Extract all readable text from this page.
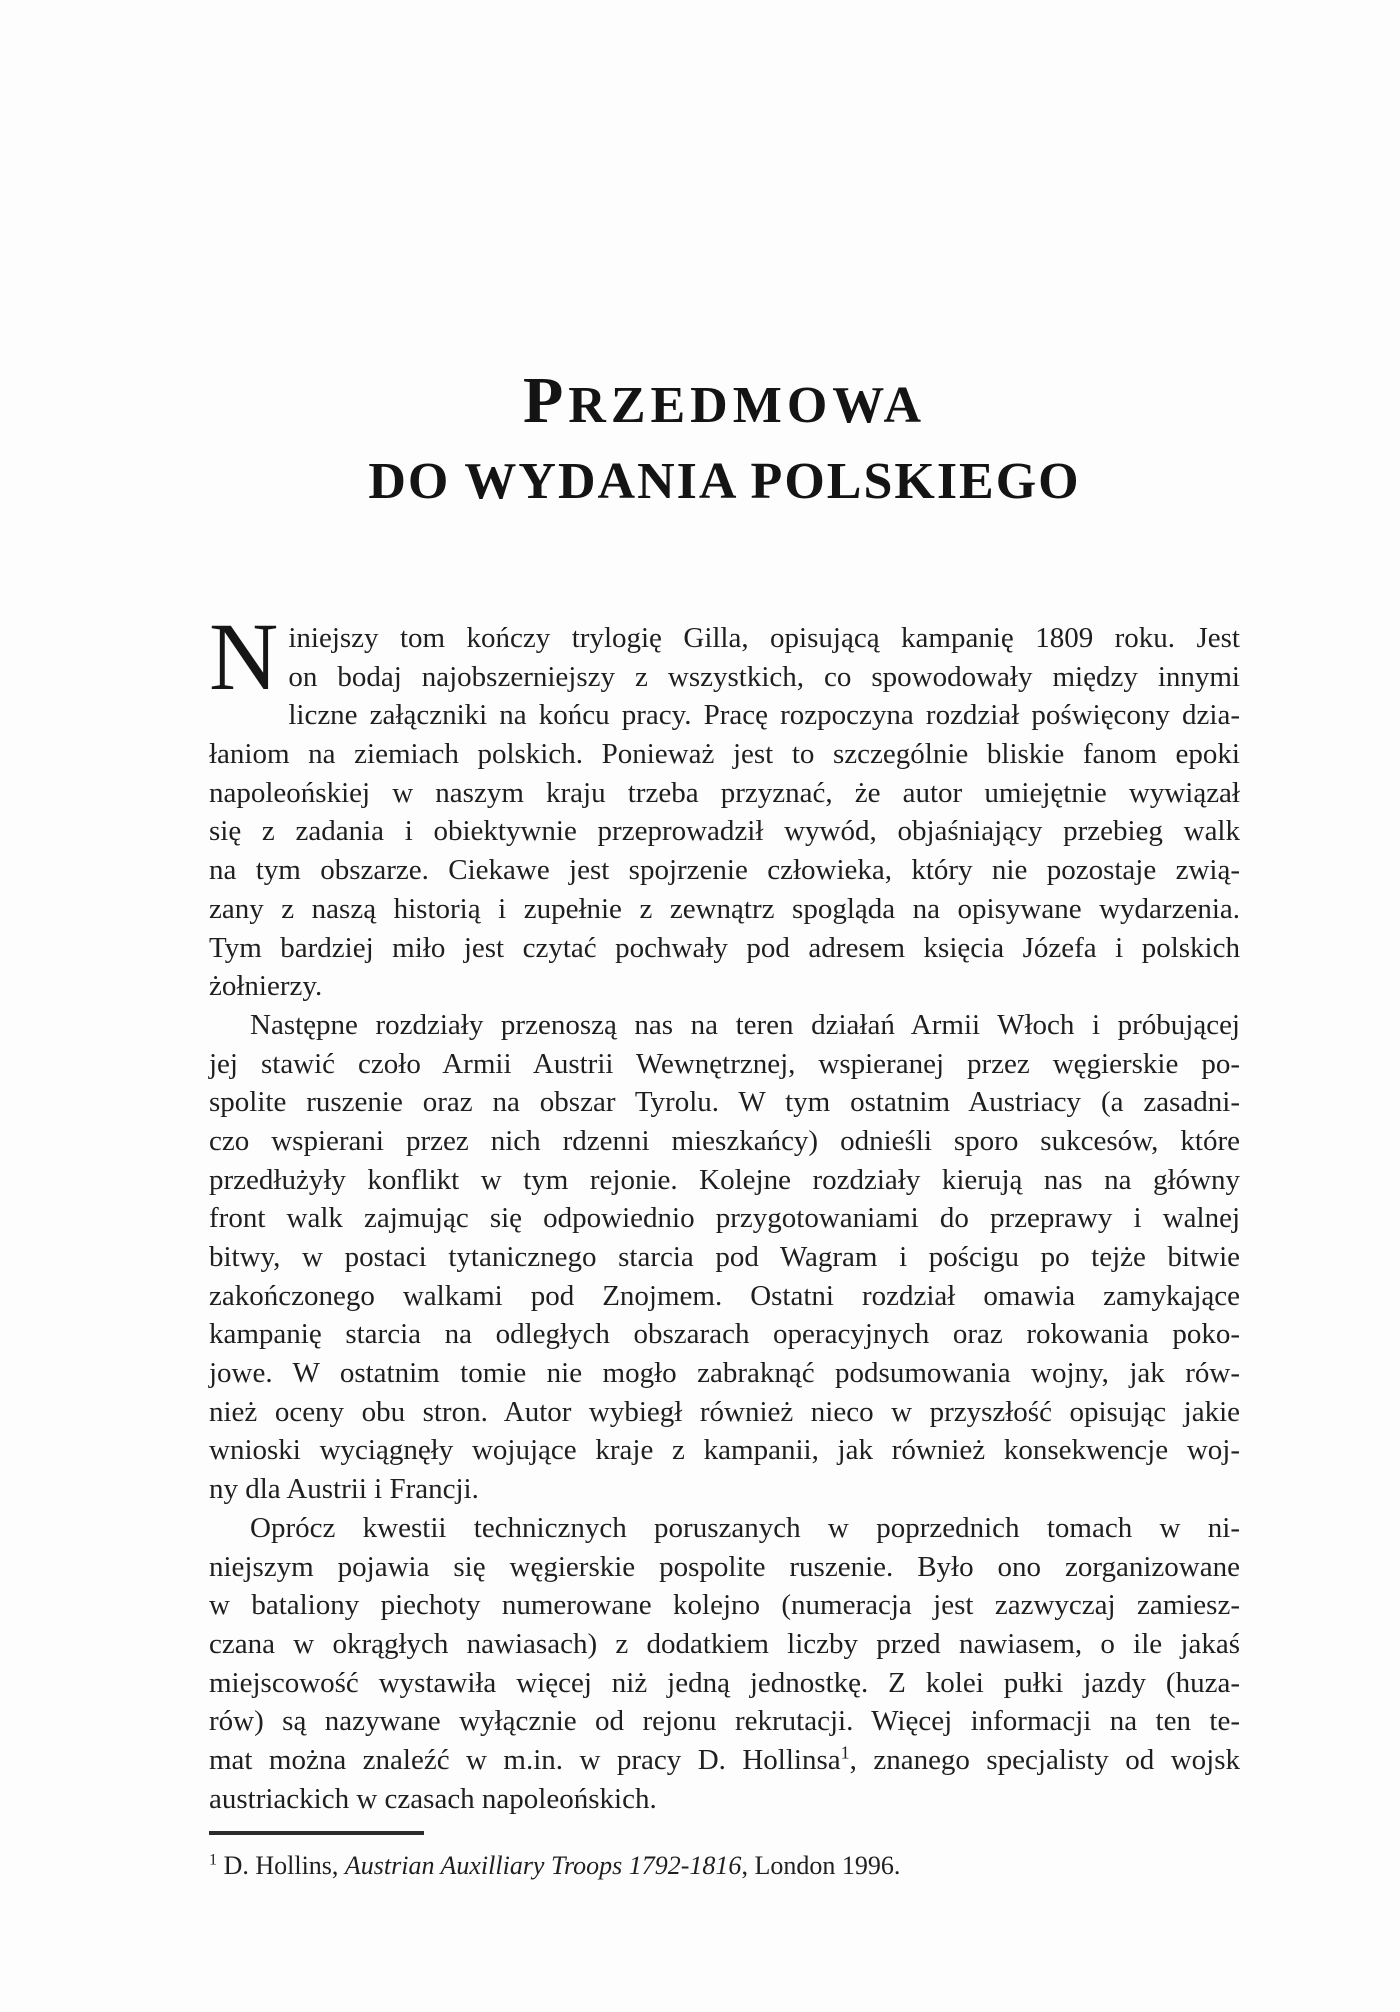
PRZEDMOWA
DO WYDANIA POLSKIEGO
N iniejszy tom kończy trylogię Gilla, opisującą kampanię 1809 roku. Jest
on bodaj najobszerniejszy z wszystkich, co spowodowały między innymi
liczne załączniki na końcu pracy. Pracę rozpoczyna rozdział poświęcony dzia-
łaniom na ziemiach polskich. Ponieważ jest to szczególnie bliskie fanom epoki
napoleońskiej w naszym kraju trzeba przyznać, że autor umiejętnie wywiązał
się z zadania i obiektywnie przeprowadził wywód, objaśniający przebieg walk
na tym obszarze. Ciekawe jest spojrzenie człowieka, który nie pozostaje zwią-
zany z naszą historią i zupełnie z zewnątrz spogląda na opisywane wydarzenia.
Tym bardziej miło jest czytać pochwały pod adresem księcia Józefa i polskich
żołnierzy.
Następne rozdziały przenoszą nas na teren działań Armii Włoch i próbującej
jej stawić czoło Armii Austrii Wewnętrznej, wspieranej przez węgierskie po-
spolite ruszenie oraz na obszar Tyrolu. W tym ostatnim Austriacy (a zasadni-
czo wspierani przez nich rdzenni mieszkańcy) odnieśli sporo sukcesów, które
przedłużyły konflikt w tym rejonie. Kolejne rozdziały kierują nas na główny
front walk zajmując się odpowiednio przygotowaniami do przeprawy i walnej
bitwy, w postaci tytanicznego starcia pod Wagram i pościgu po tejże bitwie
zakończonego walkami pod Znojmem. Ostatni rozdział omawia zamykające
kampanię starcia na odległych obszarach operacyjnych oraz rokowania poko-
jowe. W ostatnim tomie nie mogło zabraknąć podsumowania wojny, jak rów-
nież oceny obu stron. Autor wybiegł również nieco w przyszłość opisując jakie
wnioski wyciągnęły wojujące kraje z kampanii, jak również konsekwencje woj-
ny dla Austrii i Francji.
Oprócz kwestii technicznych poruszanych w poprzednich tomach w ni-
niejszym pojawia się węgierskie pospolite ruszenie. Było ono zorganizowane
w bataliony piechoty numerowane kolejno (numeracja jest zazwyczaj zamiesz-
czana w okrągłych nawiasach) z dodatkiem liczby przed nawiasem, o ile jakaś
miejscowość wystawiła więcej niż jedną jednostkę. Z kolei pułki jazdy (huza-
rów) są nazywane wyłącznie od rejonu rekrutacji. Więcej informacji na ten te-
mat można znaleźć w m.in. w pracy D. Hollinsa$^1$, znanego specjalisty od wojsk
austriackich w czasach napoleońskich.
$^1$ D. Hollins, Austrian Auxilliary Troops 1792-1816, London 1996.
